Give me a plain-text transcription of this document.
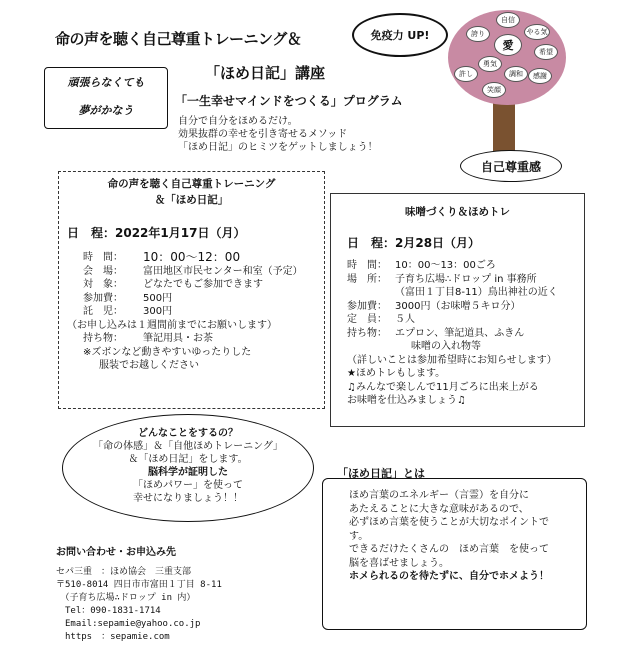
命の声を聴く自己尊重トレーニング＆
「ほめ日記」講座
免疫力 UP!
頑張らなくても
夢がかなう
「一生幸せマインドをつくる」プログラム
自分で自分をほめるだけ。
効果抜群の幸せを引き寄せるメソッド
「ほめ日記」のヒミツをゲットしましょう！
自信
愛
誇り	やる気
希望
許し
勇気
調和	感謝
笑顔
自己尊重感
命の声を聴く自己尊重トレーニング
＆「ほめ日記」
日　程：2022年1月17日（月）
時　間：	10：00〜12：00
会　場：	富田地区市民センター和室（予定）
対　象：	どなたでもご参加できます
参加費：	500円
託　児：	300円
（お申し込みは１週間前までにお願いします）
持ち物：	筆記用具・お茶
※ズボンなど動きやすいゆったりした
服装でお越しください
味噌づくり＆ほめトレ
日　程：2月28日（月）
時　間： 10：00〜13：00ごろ
場　所： 子育ち広場∴ドロップ in 事務所
（富田１丁目8-11）鳥出神社の近く
参加費： 3000円（お味噌５キロ分）
定　員： ５人
持ち物： エプロン、筆記道具、ふきん
味噌の入れ物等
（詳しいことは参加希望時にお知らせします）
★ほめトレもします。
♫みんなで楽しんで11月ごろに出来上がる
お味噌を仕込みましょう♫
どんなことをするの？
「命の体感」＆「自他ほめトレーニング」
＆「ほめ日記」をします。
脳科学が証明した
「ほめパワー」を使って
幸せになりましょう！！
お問い合わせ・お申込み先
セパ三重　：ほめ協会　三重支部
〒510-8014 四日市市富田１丁目 8-11
　（子育ち広場∴ドロップ in 内）
　Tel：090-1831-1714
　Email:sepamie@yahoo.co.jp
　https　：sepamie.com
「ほめ日記」とは
ほめ言葉のエネルギー（言霊）を自分に
あたえることに大きな意味があるので、
必ずほめ言葉を使うことが大切なポイントで
す。
できるだけたくさんの　ほめ言葉　を使って
脳を喜ばせましょう。
ホメられるのを待たずに、自分でホメよう！
